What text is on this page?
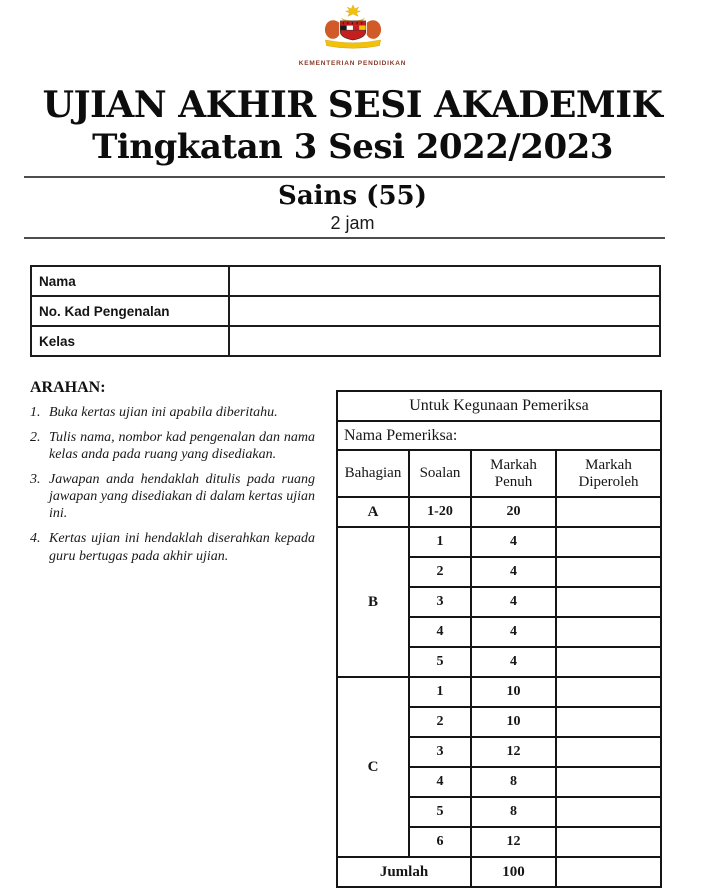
KEMENTERIAN PENDIDIKAN
UJIAN AKHIR SESI AKADEMIK
Tingkatan 3 Sesi 2022/2023
Sains (55)
2 jam
Nama	
No. Kad Pengenalan	
Kelas	
ARAHAN:
Buka kertas ujian ini apabila diberitahu.
Tulis nama, nombor kad pengenalan dan nama kelas anda pada ruang yang disediakan.
Jawapan anda hendaklah ditulis pada ruang jawapan yang disediakan di dalam kertas ujian ini.
Kertas ujian ini hendaklah diserahkan kepada guru bertugas pada akhir ujian.
Untuk Kegunaan Pemeriksa			
Nama Pemeriksa:			
Bahagian	Soalan	Markah Penuh	Markah Diperoleh
A	1-20	20	
B	1	4	
	2	4	
	3	4	
	4	4	
	5	4	
C	1	10	
	2	10	
	3	12	
	4	8	
	5	8	
	6	12	
Jumlah		100	
